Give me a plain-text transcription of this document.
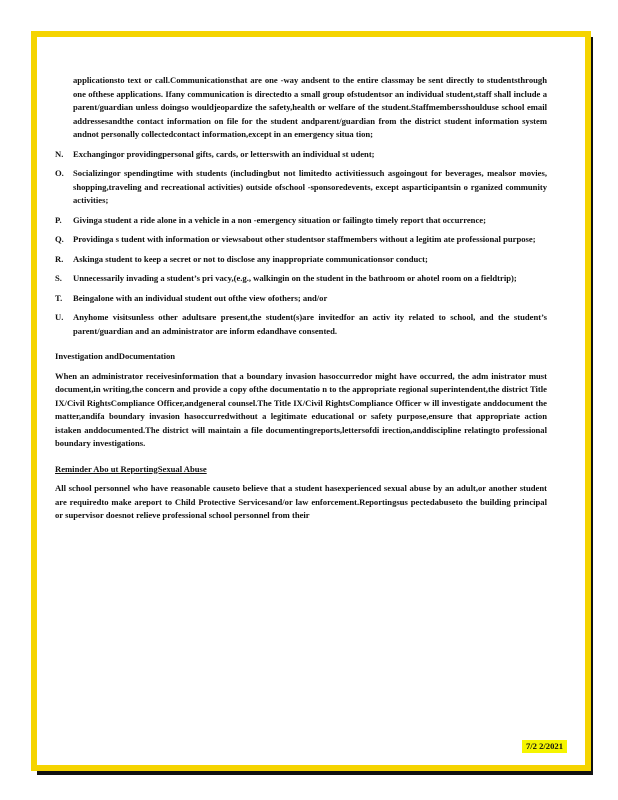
applicationsto text or call.Communicationsthat are one -way andsent to the entire classmay be sent directly to studentsthrough one ofthese applications. Ifany communication is directedto a small group ofstudentsor an individual student,staff shall include a parent/guardian unless doingso wouldjeopardize the safety,health or welfare of the student.Staffmembersshoulduse school email addressesandthe contact information on file for the student andparent/guardian from the district student information system andnot personally collectedcontact information,except in an emergency situa tion;

N.	Exchangingor providingpersonal gifts, cards, or letterswith an individual st udent;
O.	Socializingor spendingtime with students (includingbut not limitedto activitiessuch asgoingout for beverages, mealsor movies, shopping,traveling and recreational activities) outside ofschool -sponsoredevents, except asparticipantsin o rganized community activities;
P.	Givinga student a ride alone in a vehicle in a non -emergency situation or failingto timely report that occurrence;
Q.	Providinga s tudent with information or viewsabout other studentsor staffmembers without a legitim ate professional purpose;
R.	Askinga student to keep a secret or not to disclose any inappropriate communicationsor conduct;
S.	Unnecessarily invading a student’s pri vacy,(e.g., walkingin on the student in the bathroom or ahotel room on a fieldtrip);
T.	Beingalone with an individual student out ofthe view ofothers; and/or
U.	Anyhome visitsunless other adultsare present,the student(s)are invitedfor an activ ity related to school, and the student’s parent/guardian and an administrator are inform edandhave consented.
Investigation andDocumentation

When an administrator receivesinformation that a boundary invasion hasoccurredor might have occurred, the adm inistrator must document,in writing,the concern and provide a copy ofthe documentatio n to the appropriate regional superintendent,the district Title IX/Civil RightsCompliance Officer,andgeneral counsel.The Title IX/Civil RightsCompliance Officer w ill investigate anddocument the matter,andifa boundary invasion hasoccurredwithout a legitimate educational or safety purpose,ensure that appropriate action istaken anddocumented.The district will maintain a file documentingreports,lettersofdi irection,anddiscipline relatingto professional boundary investigations.

Reminder Abo ut ReportingSexual Abuse

All school personnel who have reasonable causeto believe that a student hasexperienced sexual abuse by an adult,or another student are requiredto make areport to Child Protective Servicesand/or law enforcement.Reportingsus pectedabuseto the building principal or supervisor doesnot relieve professional school personnel from their

7/2 2/2021
